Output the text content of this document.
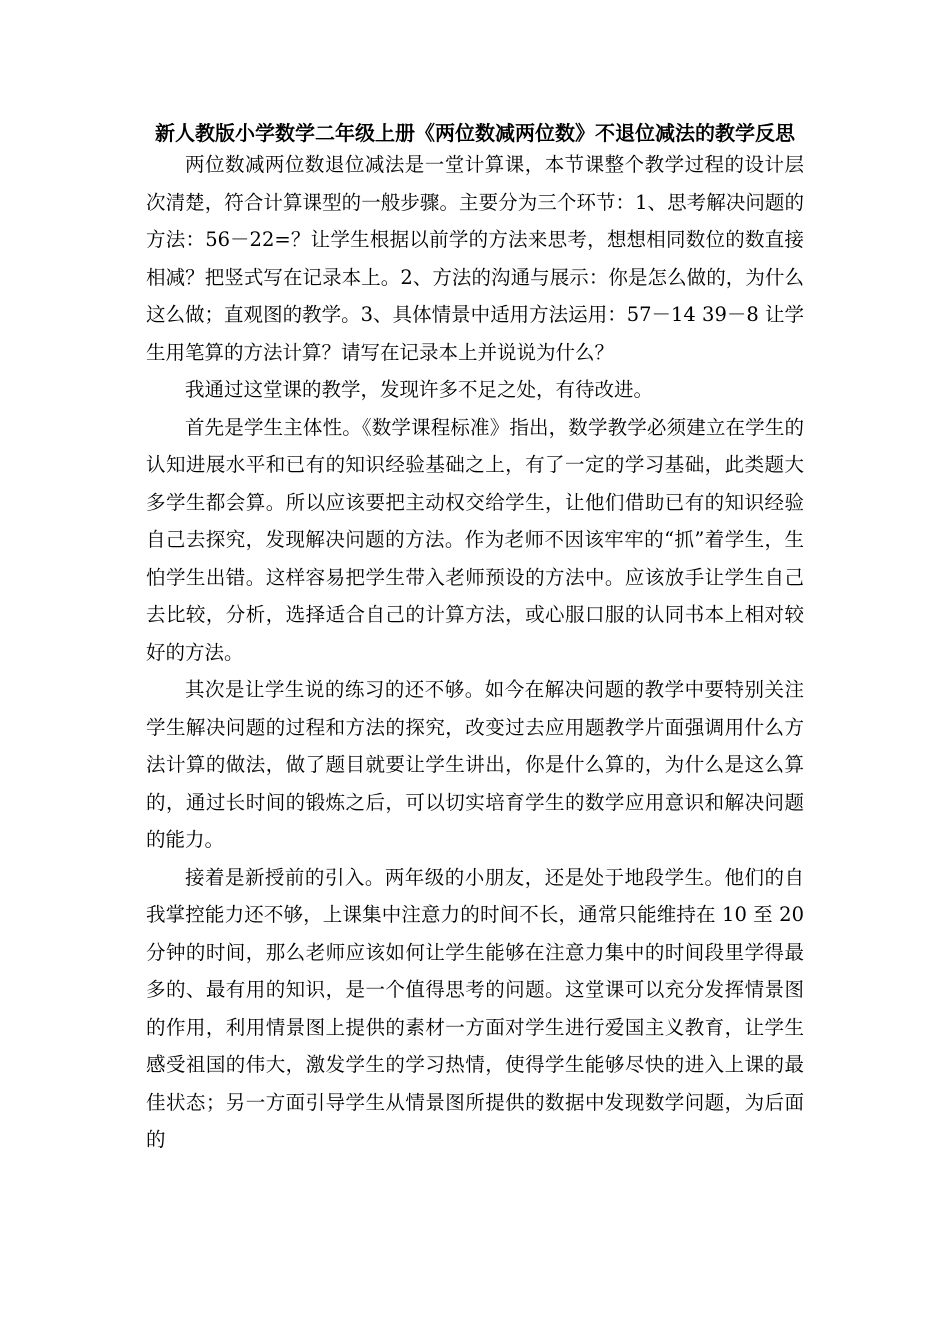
新人教版小学数学二年级上册《两位数减两位数》不退位减法的教学反思

两位数减两位数退位减法是一堂计算课，本节课整个教学过程的设计层次清楚，符合计算课型的一般步骤。主要分为三个环节：1、思考解决问题的方法：56－22=？让学生根据以前学的方法来思考，想想相同数位的数直接相减？把竖式写在记录本上。2、方法的沟通与展示：你是怎么做的，为什么这么做；直观图的教学。3、具体情景中适用方法运用：57－14 39－8 让学生用笔算的方法计算？请写在记录本上并说说为什么？

我通过这堂课的教学，发现许多不足之处，有待改进。

首先是学生主体性。《数学课程标准》指出，数学教学必须建立在学生的认知进展水平和已有的知识经验基础之上，有了一定的学习基础，此类题大多学生都会算。所以应该要把主动权交给学生，让他们借助已有的知识经验自己去探究，发现解决问题的方法。作为老师不因该牢牢的“抓”着学生，生怕学生出错。这样容易把学生带入老师预设的方法中。应该放手让学生自己去比较，分析，选择适合自己的计算方法，或心服口服的认同书本上相对较好的方法。

其次是让学生说的练习的还不够。如今在解决问题的教学中要特别关注学生解决问题的过程和方法的探究，改变过去应用题教学片面强调用什么方法计算的做法，做了题目就要让学生讲出，你是什么算的，为什么是这么算的，通过长时间的锻炼之后，可以切实培育学生的数学应用意识和解决问题的能力。

接着是新授前的引入。两年级的小朋友，还是处于地段学生。他们的自我掌控能力还不够，上课集中注意力的时间不长，通常只能维持在 10 至 20 分钟的时间，那么老师应该如何让学生能够在注意力集中的时间段里学得最多的、最有用的知识，是一个值得思考的问题。这堂课可以充分发挥情景图的作用，利用情景图上提供的素材一方面对学生进行爱国主义教育，让学生感受祖国的伟大，激发学生的学习热情，使得学生能够尽快的进入上课的最佳状态；另一方面引导学生从情景图所提供的数据中发现数学问题，为后面的
